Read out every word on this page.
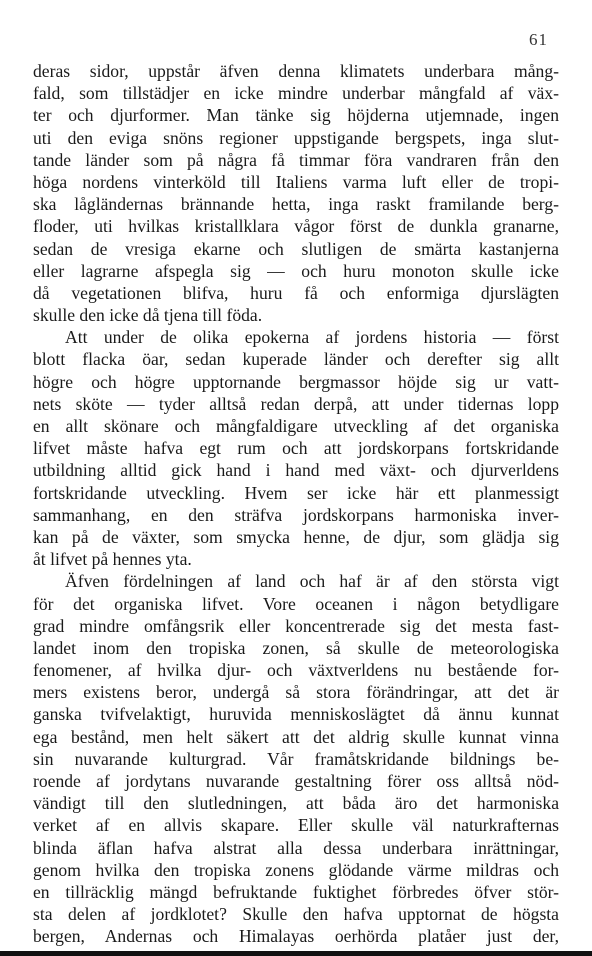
61
deras sidor, uppstår äfven denna klimatets underbara mång-
fald, som tillstädjer en icke mindre underbar mångfald af väx-
ter och djurformer. Man tänke sig höjderna utjemnade, ingen
uti den eviga snöns regioner uppstigande bergspets, inga slut-
tande länder som på några få timmar föra vandraren från den
höga nordens vinterköld till Italiens varma luft eller de tropi-
ska lågländernas brännande hetta, inga raskt framilande berg-
floder, uti hvilkas kristallklara vågor först de dunkla granarne,
sedan de vresiga ekarne och slutligen de smärta kastanjerna
eller lagrarne afspegla sig — och huru monoton skulle icke
då vegetationen blifva, huru få och enformiga djurslägten
skulle den icke då tjena till föda.
Att under de olika epokerna af jordens historia — först
blott flacka öar, sedan kuperade länder och derefter sig allt
högre och högre upptornande bergmassor höjde sig ur vatt-
nets sköte — tyder alltså redan derpå, att under tidernas lopp
en allt skönare och mångfaldigare utveckling af det organiska
lifvet måste hafva egt rum och att jordskorpans fortskridande
utbildning alltid gick hand i hand med växt- och djurverldens
fortskridande utveckling. Hvem ser icke här ett planmessigt
sammanhang, en den sträfva jordskorpans harmoniska inver-
kan på de växter, som smycka henne, de djur, som glädja sig
åt lifvet på hennes yta.
Äfven fördelningen af land och haf är af den största vigt
för det organiska lifvet. Vore oceanen i någon betydligare
grad mindre omfångsrik eller koncentrerade sig det mesta fast-
landet inom den tropiska zonen, så skulle de meteorologiska
fenomener, af hvilka djur- och växtverldens nu bestående for-
mers existens beror, undergå så stora förändringar, att det är
ganska tvifvelaktigt, huruvida menniskoslägtet då ännu kunnat
ega bestånd, men helt säkert att det aldrig skulle kunnat vinna
sin nuvarande kulturgrad. Vår framåtskridande bildnings be-
roende af jordytans nuvarande gestaltning förer oss alltså nöd-
vändigt till den slutledningen, att båda äro det harmoniska
verket af en allvis skapare. Eller skulle väl naturkrafternas
blinda äflan hafva alstrat alla dessa underbara inrättningar,
genom hvilka den tropiska zonens glödande värme mildras och
en tillräcklig mängd befruktande fuktighet förbredes öfver stör-
sta delen af jordklotet? Skulle den hafva upptornat de högsta
bergen, Andernas och Himalayas oerhörda platåer just der,
